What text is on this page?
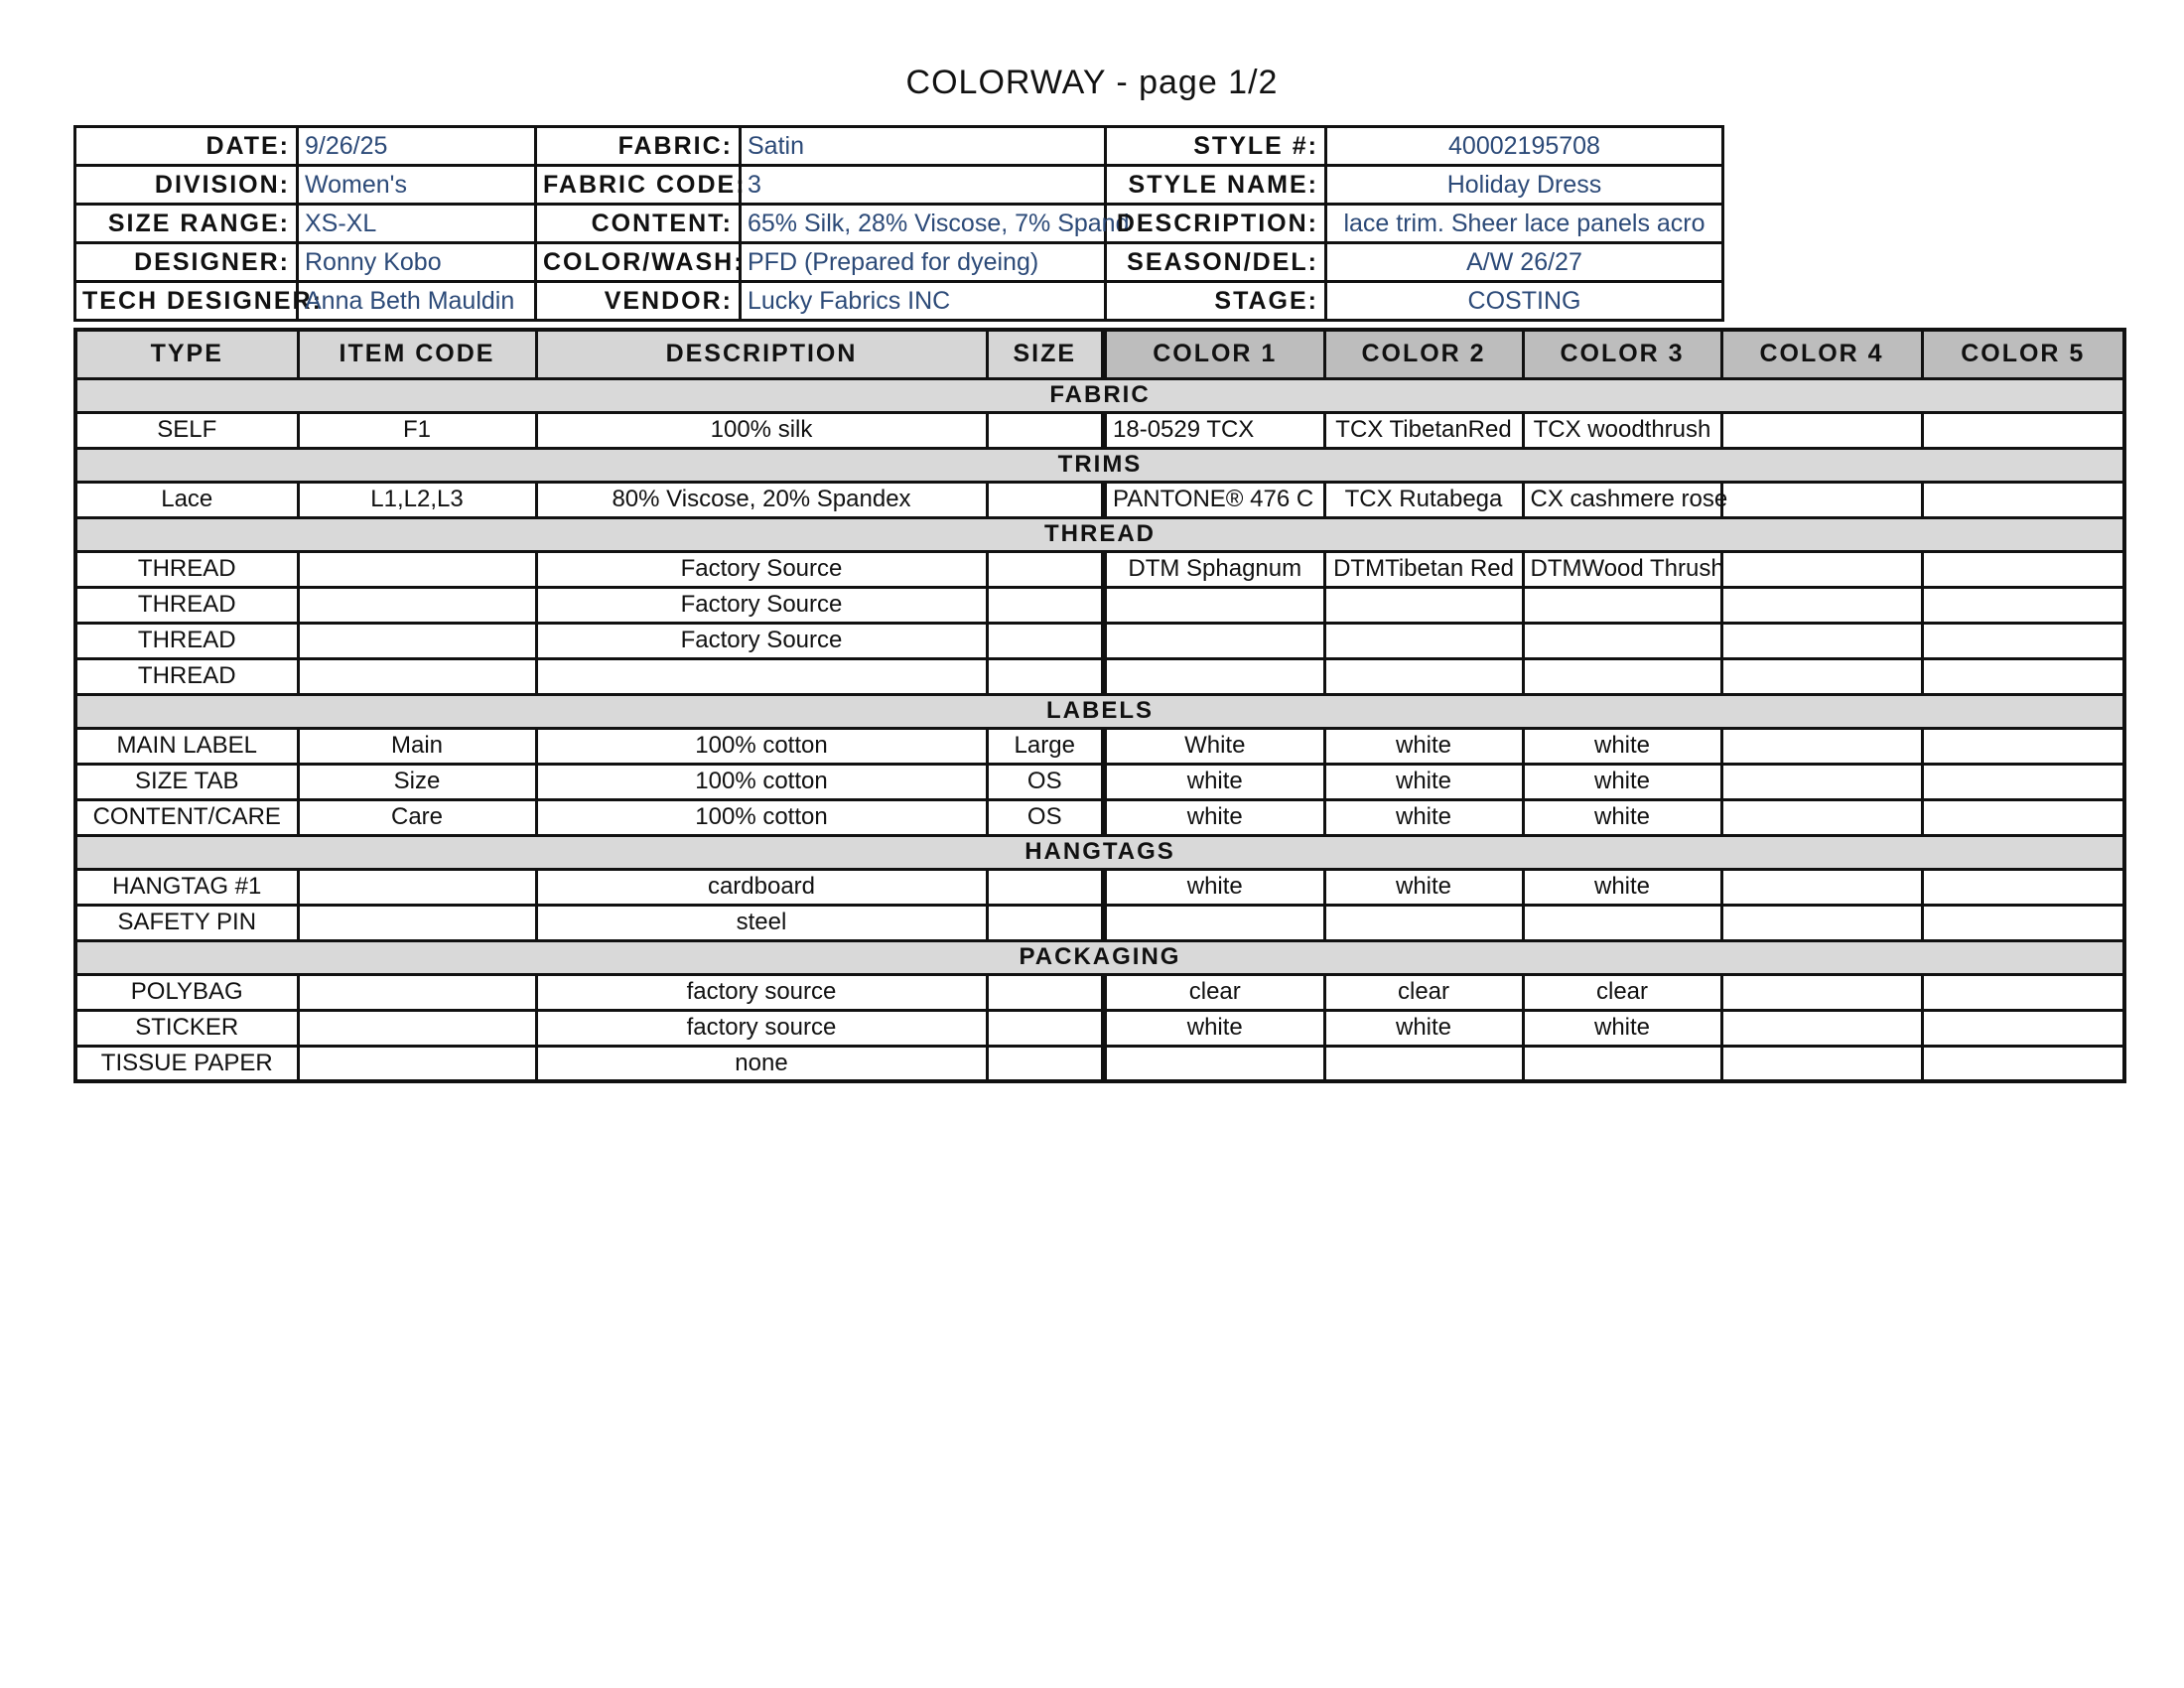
COLORWAY - page 1/2
DATE:	9/26/25	FABRIC:	Satin	STYLE #:	40002195708
DIVISION:	Women's	FABRIC CODE:	3	STYLE NAME:	Holiday Dress
SIZE RANGE:	XS-XL	CONTENT:	65% Silk, 28% Viscose, 7% Spand	DESCRIPTION:	lace trim. Sheer lace panels acro
DESIGNER:	Ronny Kobo	COLOR/WASH:	PFD (Prepared for dyeing)	SEASON/DEL:	A/W 26/27
TECH DESIGNER:	Anna Beth Mauldin	VENDOR:	Lucky Fabrics INC	STAGE:	COSTING
TYPE	ITEM CODE	DESCRIPTION	SIZE	COLOR 1	COLOR 2	COLOR 3	COLOR 4	COLOR 5
FABRIC								
SELF	F1	100% silk		18-0529 TCX	TCX TibetanRed	TCX woodthrush		
TRIMS								
Lace	L1,L2,L3	80% Viscose, 20% Spandex		PANTONE® 476 C	TCX Rutabega	CX cashmere rose		
THREAD								
THREAD		Factory Source		DTM Sphagnum	DTMTibetan Red	DTMWood Thrush		
THREAD		Factory Source						
THREAD		Factory Source						
THREAD								
LABELS								
MAIN LABEL	Main	100% cotton	Large	White	white	white		
SIZE TAB	Size	100% cotton	OS	white	white	white		
CONTENT/CARE	Care	100% cotton	OS	white	white	white		
HANGTAGS								
HANGTAG #1		cardboard		white	white	white		
SAFETY PIN		steel						
PACKAGING								
POLYBAG		factory source		clear	clear	clear		
STICKER		factory source		white	white	white		
TISSUE PAPER		none						
